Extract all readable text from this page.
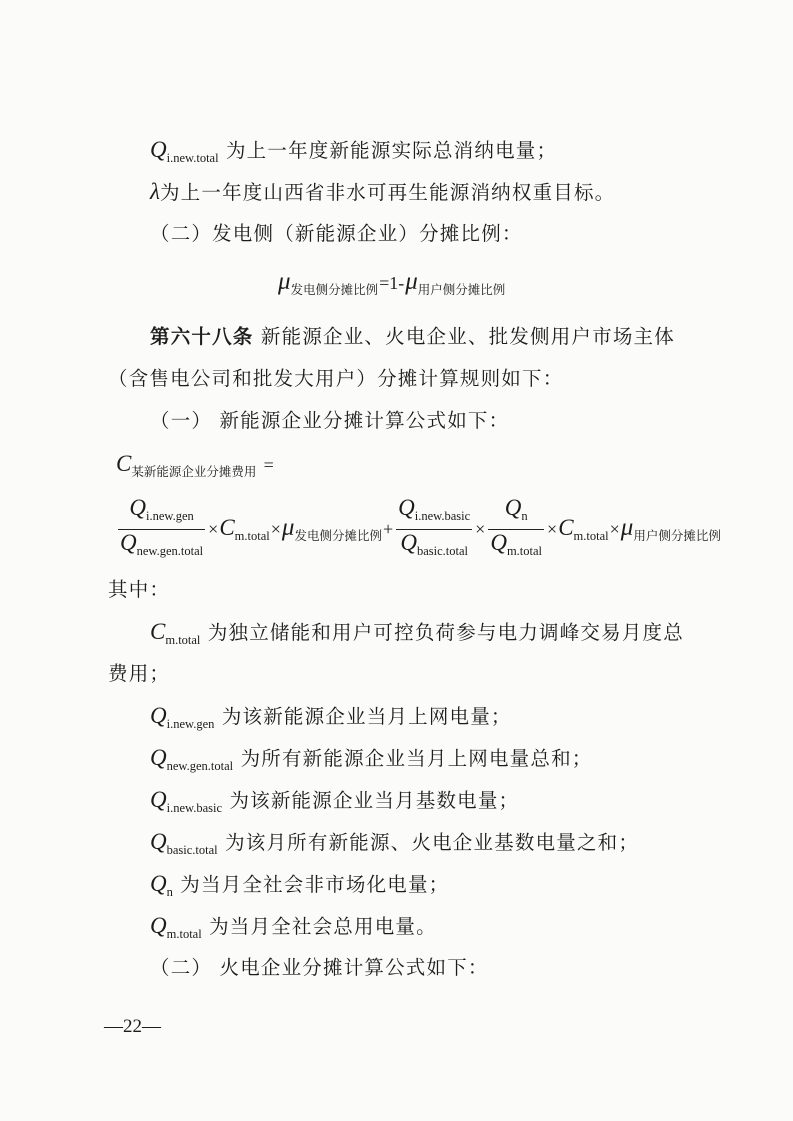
$Q_{i.new.total}$ 为上一年度新能源实际总消纳电量；
λ为上一年度山西省非水可再生能源消纳权重目标。
（二）发电侧（新能源企业）分摊比例：
$\mu_{发电侧分摊比例}=1-\mu_{用户侧分摊比例}$
第六十八条 新能源企业、火电企业、批发侧用户市场主体
（含售电公司和批发大用户）分摊计算规则如下：
（一） 新能源企业分摊计算公式如下：
$C_{某新能源企业分摊费用}$ =
$\frac{Q_{i.new.gen}}{Q_{new.gen.total}} \times C_{m.total} \times \mu_{发电侧分摊比例} + \frac{Q_{i.new.basic}}{Q_{basic.total}} \times \frac{Q_n}{Q_{m.total}} \times C_{m.total} \times \mu_{用户侧分摊比例}$
其中：
$C_{m.total}$ 为独立储能和用户可控负荷参与电力调峰交易月度总
费用；
$Q_{i.new.gen}$ 为该新能源企业当月上网电量；
$Q_{new.gen.total}$ 为所有新能源企业当月上网电量总和；
$Q_{i.new.basic}$ 为该新能源企业当月基数电量；
$Q_{basic.total}$ 为该月所有新能源、火电企业基数电量之和；
$Q_n$ 为当月全社会非市场化电量；
$Q_{m.total}$ 为当月全社会总用电量。
（二） 火电企业分摊计算公式如下：
—22—
